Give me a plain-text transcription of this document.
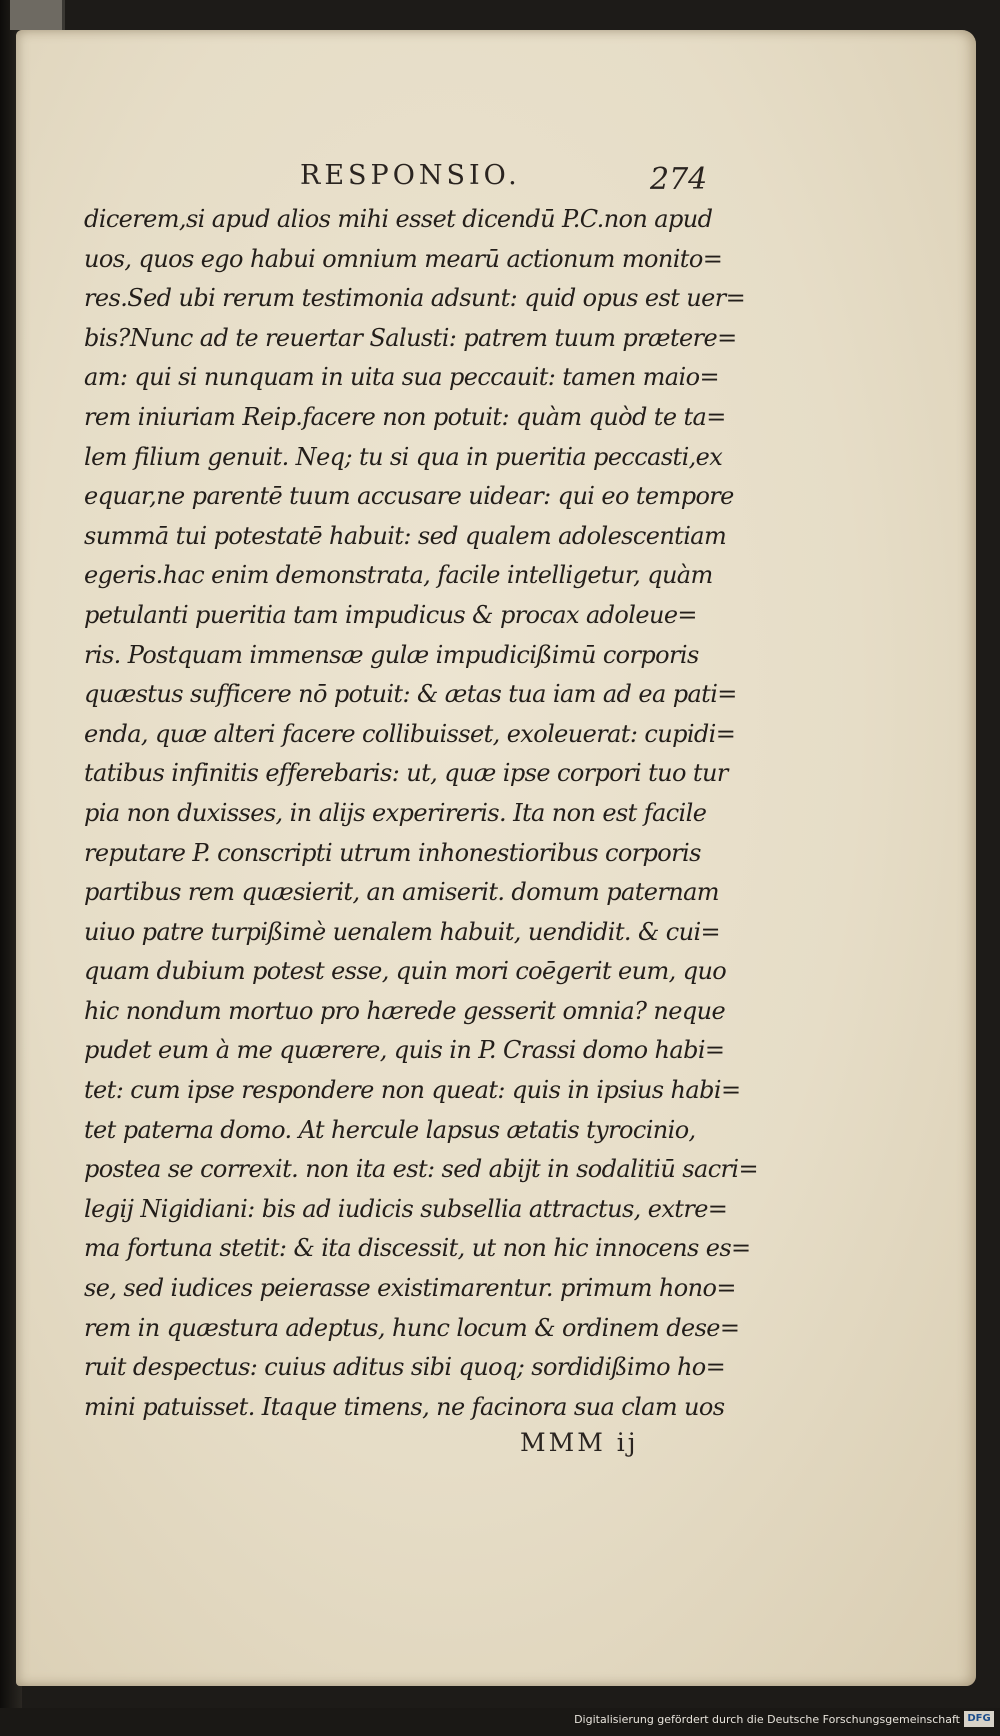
RESPONSIO.	274
dicerem,si apud alios mihi esset dicendū P.C.non apud
uos, quos ego habui omnium mearū actionum monito=
res.Sed ubi rerum testimonia adsunt: quid opus est uer=
bis?Nunc ad te reuertar Salusti: patrem tuum prætere=
am: qui si nunquam in uita sua peccauit: tamen maio=
rem iniuriam Reip.facere non potuit: quàm quòd te ta=
lem filium genuit. Neq; tu si qua in pueritia peccasti,ex
equar,ne parentē tuum accusare uidear: qui eo tempore
summā tui potestatē habuit: sed qualem adolescentiam
egeris.hac enim demonstrata, facile intelligetur, quàm
petulanti pueritia tam impudicus & procax adoleue=
ris. Postquam immensæ gulæ impudicißimū corporis
quæstus sufficere nō potuit: & ætas tua iam ad ea pati=
enda, quæ alteri facere collibuisset, exoleuerat: cupidi=
tatibus infinitis efferebaris: ut, quæ ipse corpori tuo tur
pia non duxisses, in alijs experireris. Ita non est facile
reputare P. conscripti utrum inhonestioribus corporis
partibus rem quæsierit, an amiserit. domum paternam
uiuo patre turpißimè uenalem habuit, uendidit. & cui=
quam dubium potest esse, quin mori coēgerit eum, quo
hic nondum mortuo pro hærede gesserit omnia? neque
pudet eum à me quærere, quis in P. Crassi domo habi=
tet: cum ipse respondere non queat: quis in ipsius habi=
tet paterna domo. At hercule lapsus ætatis tyrocinio,
postea se correxit. non ita est: sed abijt in sodalitiū sacri=
legij Nigidiani: bis ad iudicis subsellia attractus, extre=
ma fortuna stetit: & ita discessit, ut non hic innocens es=
se, sed iudices peierasse existimarentur. primum hono=
rem in quæstura adeptus, hunc locum & ordinem dese=
ruit despectus: cuius aditus sibi quoq; sordidißimo ho=
mini patuisset. Itaque timens, ne facinora sua clam uos
MMM ij
Digitalisierung gefördert durch die Deutsche Forschungsgemeinschaft DFG
